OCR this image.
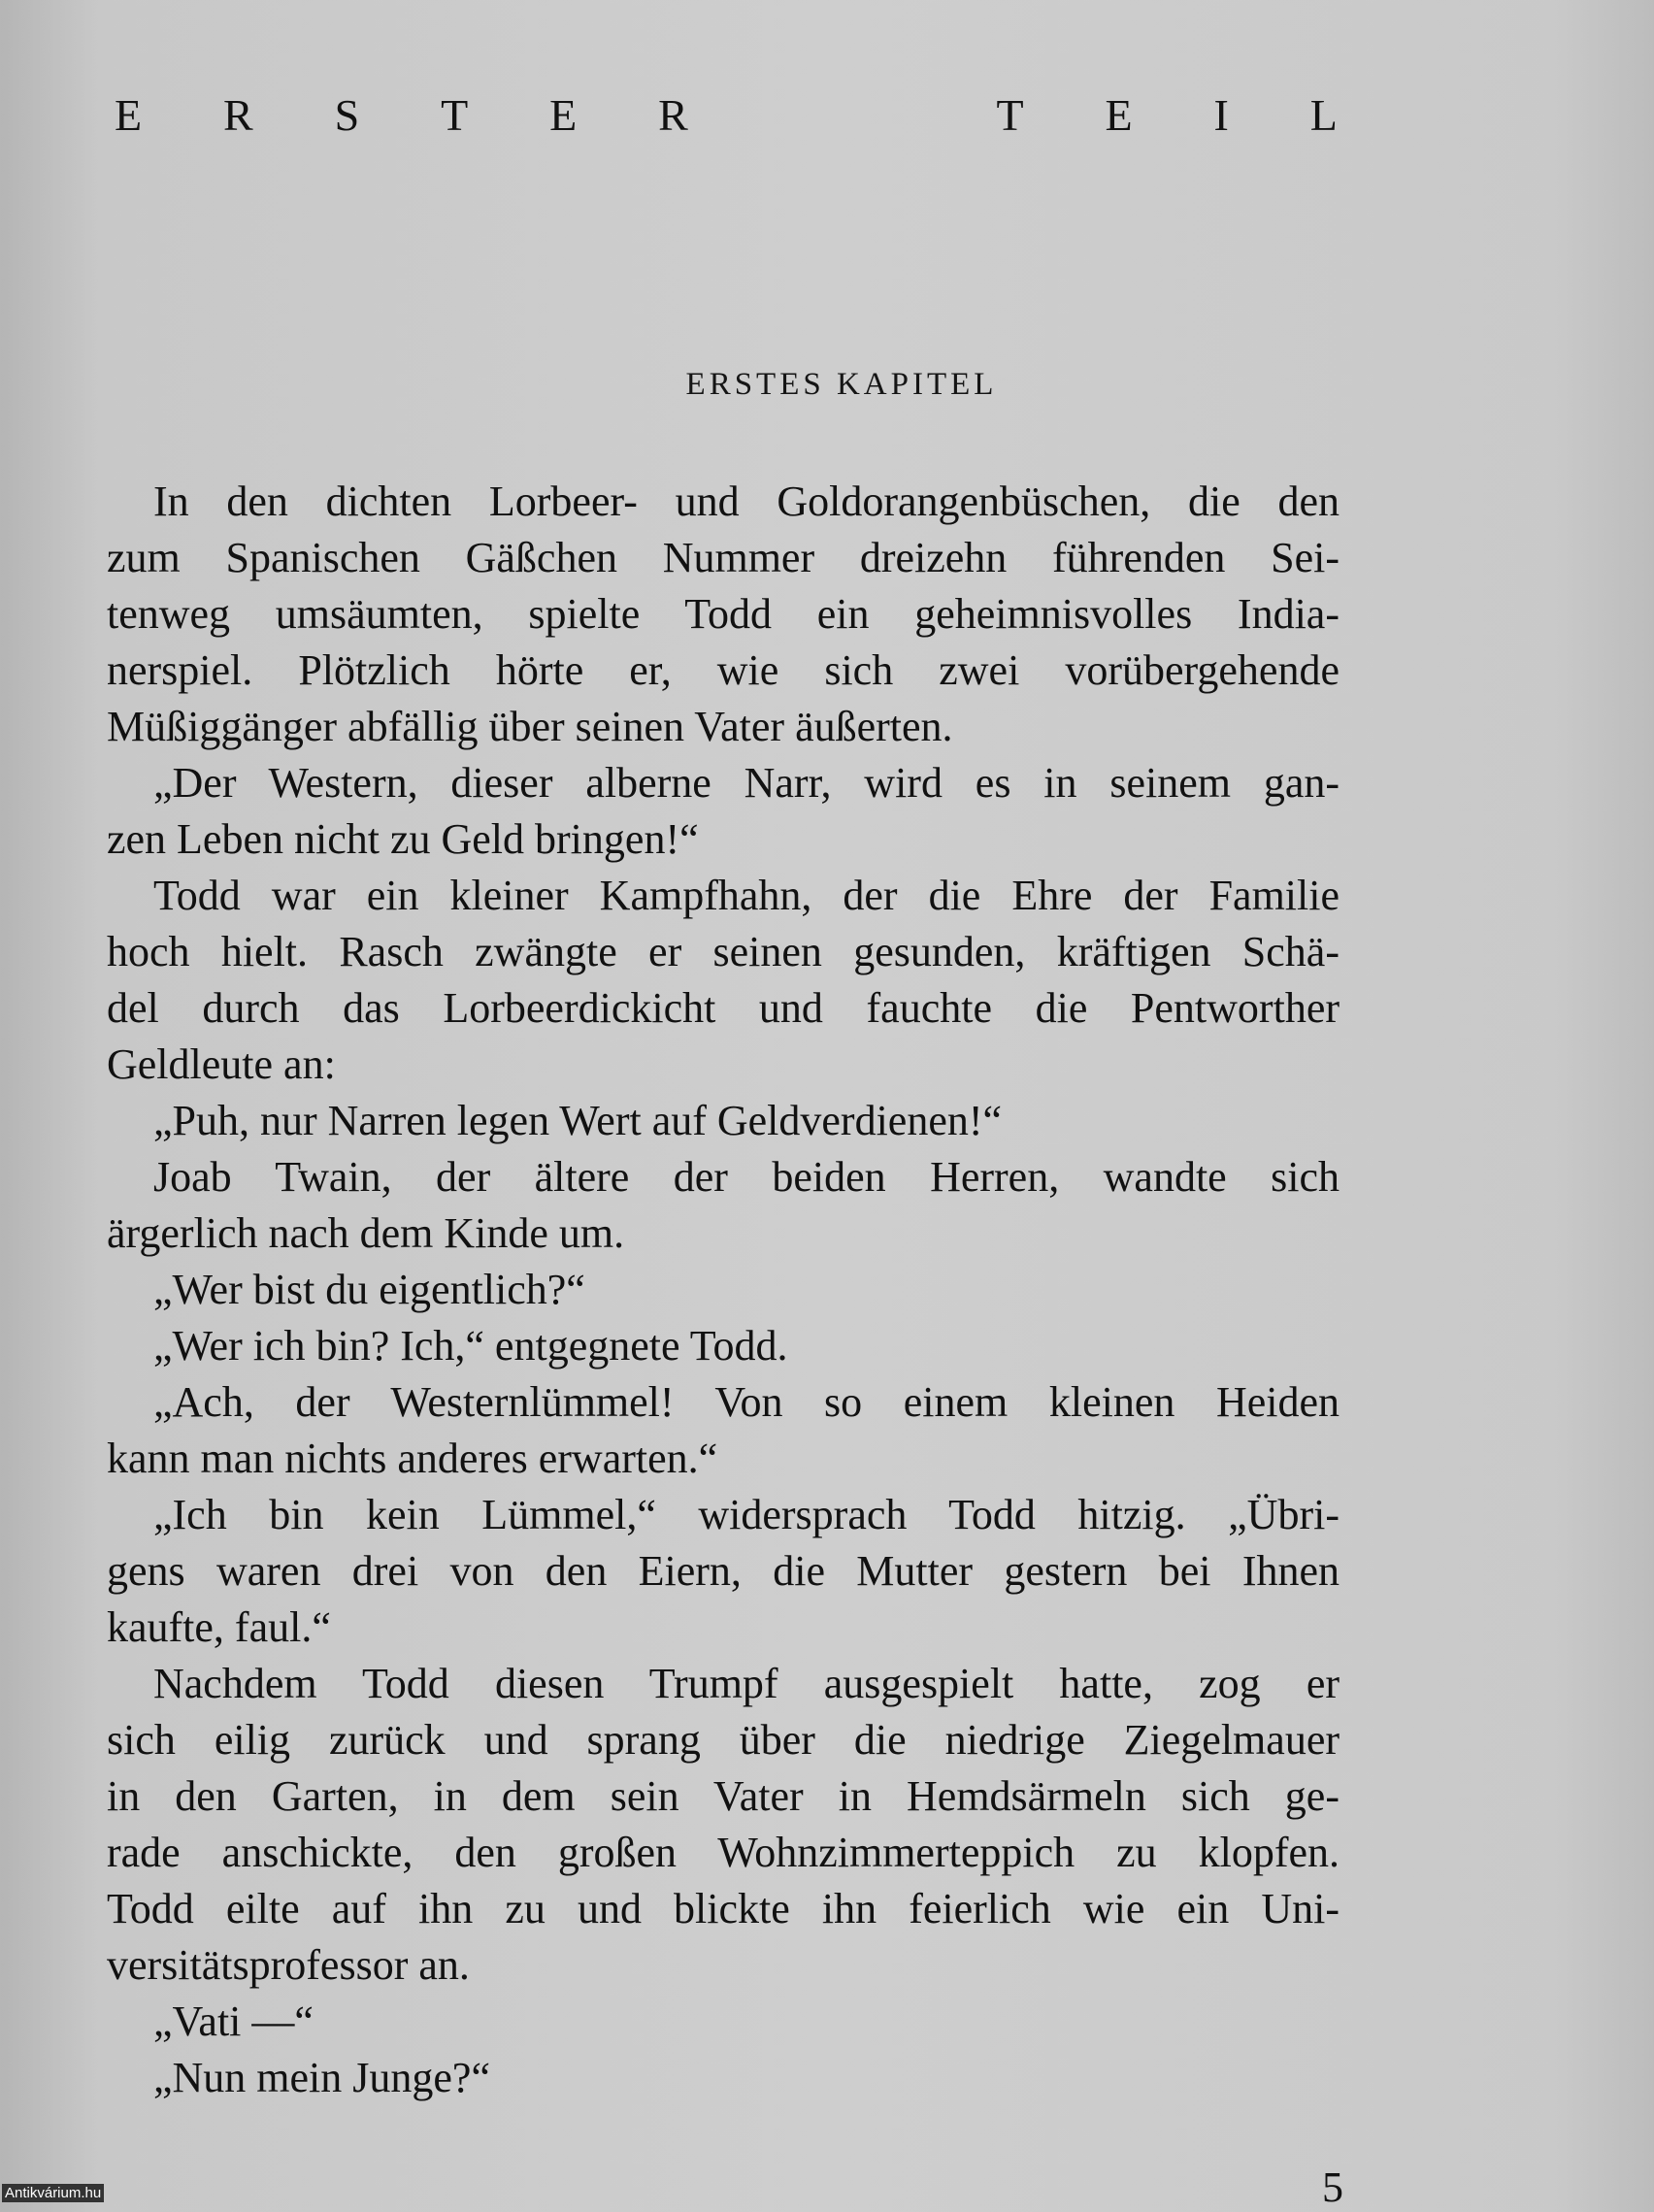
E R S T E R	T E I L
ERSTES KAPITEL
In den dichten Lorbeer- und Goldorangenbüschen, die den
zum Spanischen Gäßchen Nummer dreizehn führenden Sei-
tenweg umsäumten, spielte Todd ein geheimnisvolles India-
nerspiel. Plötzlich hörte er, wie sich zwei vorübergehende
Müßiggänger abfällig über seinen Vater äußerten.
„Der Western, dieser alberne Narr, wird es in seinem gan-
zen Leben nicht zu Geld bringen!“
Todd war ein kleiner Kampfhahn, der die Ehre der Familie
hoch hielt. Rasch zwängte er seinen gesunden, kräftigen Schä-
del durch das Lorbeerdickicht und fauchte die Pentworther
Geldleute an:
„Puh, nur Narren legen Wert auf Geldverdienen!“
Joab Twain, der ältere der beiden Herren, wandte sich
ärgerlich nach dem Kinde um.
„Wer bist du eigentlich?“
„Wer ich bin? Ich,“ entgegnete Todd.
„Ach, der Westernlümmel! Von so einem kleinen Heiden
kann man nichts anderes erwarten.“
„Ich bin kein Lümmel,“ widersprach Todd hitzig. „Übri-
gens waren drei von den Eiern, die Mutter gestern bei Ihnen
kaufte, faul.“
Nachdem Todd diesen Trumpf ausgespielt hatte, zog er
sich eilig zurück und sprang über die niedrige Ziegelmauer
in den Garten, in dem sein Vater in Hemdsärmeln sich ge-
rade anschickte, den großen Wohnzimmerteppich zu klopfen.
Todd eilte auf ihn zu und blickte ihn feierlich wie ein Uni-
versitätsprofessor an.
„Vati —“
„Nun mein Junge?“
5
Antikvárium.hu
